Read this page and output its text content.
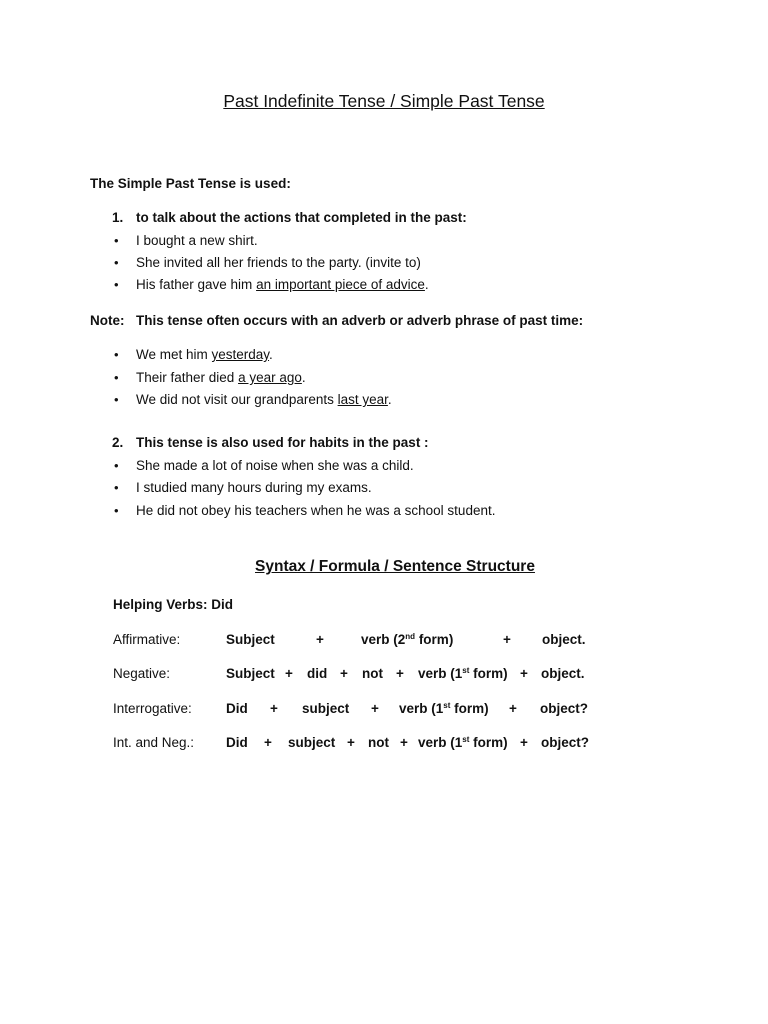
Past Indefinite Tense / Simple Past Tense
The Simple Past Tense is used:
1. to talk about the actions that completed in the past:
• I bought a new shirt.
• She invited all her friends to the party. (invite to)
• His father gave him an important piece of advice.
Note: This tense often occurs with an adverb or adverb phrase of past time:
• We met him yesterday.
• Their father died a year ago.
• We did not visit our grandparents last year.
2. This tense is also used for habits in the past :
• She made a lot of noise when she was a child.
• I studied many hours during my exams.
• He did not obey his teachers when he was a school student.
Syntax / Formula / Sentence Structure
Helping Verbs: Did
Affirmative:	Subject	+	verb (2nd form)	+ object.
Negative:	Subject + did + not + verb (1st form) + object.
Interrogative:	Did + subject + verb (1st form) + object?
Int. and Neg.: Did + subject + not + verb (1st form) + object?
